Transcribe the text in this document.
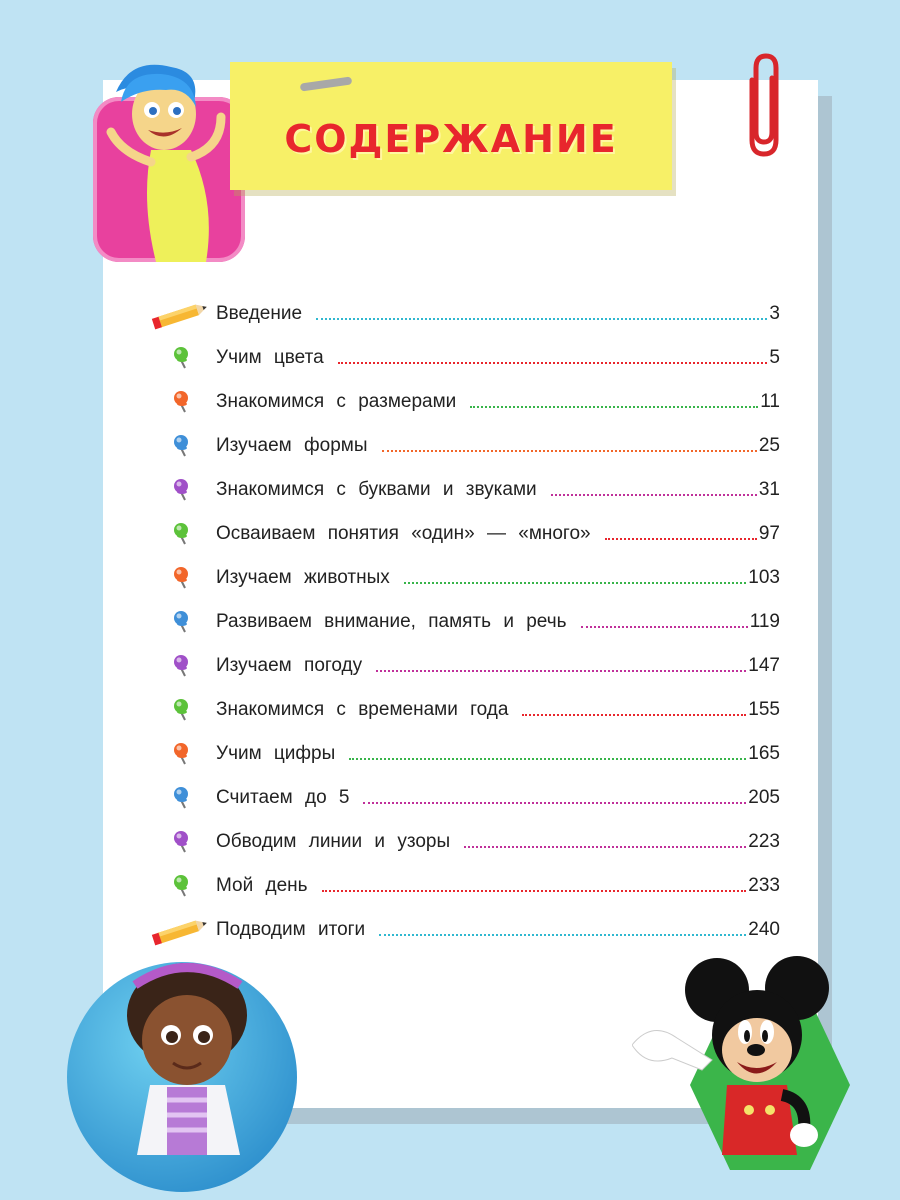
СОДЕРЖАНИЕ
Введение	3
Учим цвета	5
Знакомимся с размерами	11
Изучаем формы	25
Знакомимся с буквами и звуками	31
Осваиваем понятия «один» — «много»	97
Изучаем животных	103
Развиваем внимание, память и речь	119
Изучаем погоду	147
Знакомимся с временами года	155
Учим цифры	165
Считаем до 5	205
Обводим линии и узоры	223
Мой день	233
Подводим итоги	240
